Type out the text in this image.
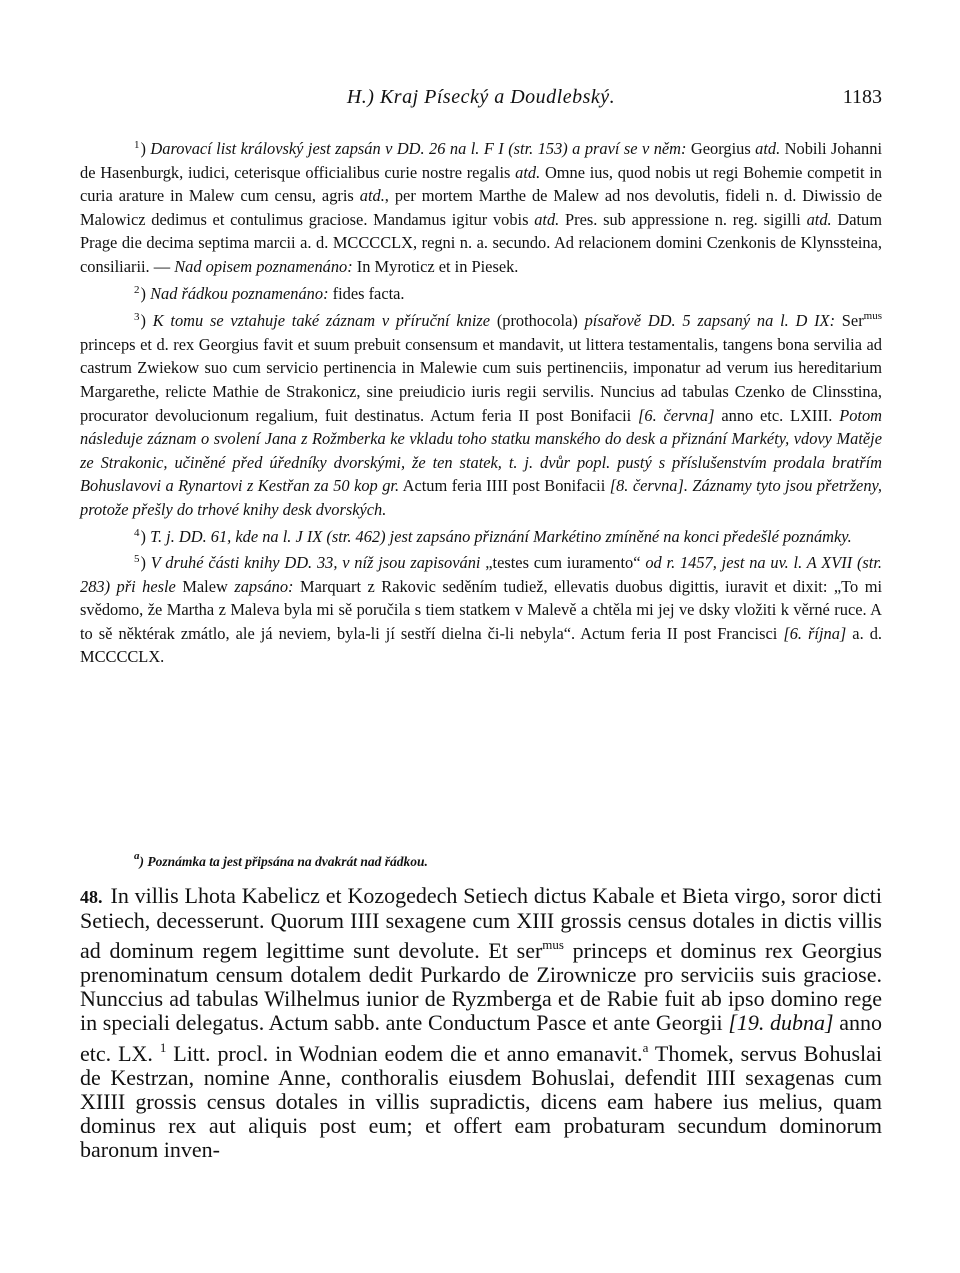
H.) Kraj Písecký a Doudlebský.	1183

$^1$) Darovací list královský jest zapsán v DD. 26 na l. F I (str. 153) a praví se v něm: Georgius atd. Nobili Johanni de Hasenburgk, iudici, ceterisque officialibus curie nostre regalis atd. Omne ius, quod nobis ut regi Bohemie competit in curia arature in Malew cum censu, agris atd., per mortem Marthe de Malew ad nos devolutis, fideli n. d. Diwissio de Malowicz dedimus et contulimus graciose. Mandamus igitur vobis atd. Pres. sub appressione n. reg. sigilli atd. Datum Prage die decima septima marcii a. d. MCCCCLX, regni n. a. secundo. Ad relacionem domini Czenkonis de Klynssteina, consiliarii. — Nad opisem poznamenáno: In Myroticz et in Piesek.

$^2$) Nad řádkou poznamenáno: fides facta.

$^3$) K tomu se vztahuje také záznam v příruční knize (prothocola) písařově DD. 5 zapsaný na l. D IX: Ser$^{mus}$ princeps et d. rex Georgius favit et suum prebuit consensum et mandavit, ut littera testamentalis, tangens bona servilia ad castrum Zwiekow suo cum servicio pertinencia in Malewie cum suis pertinenciis, imponatur ad verum ius hereditarium Margarethe, relicte Mathie de Strakonicz, sine preiudicio iuris regii servilis. Nuncius ad tabulas Czenko de Clinsstina, procurator devolucionum regalium, fuit destinatus. Actum feria II post Bonifacii [6. června] anno etc. LXIII. Potom následuje záznam o svolení Jana z Rožmberka ke vkladu toho statku manského do desk a přiznání Markéty, vdovy Matěje ze Strakonic, učiněné před úředníky dvorskými, že ten statek, t. j. dvůr popl. pustý s příslušenstvím prodala bratřím Bohuslavovi a Rynartovi z Kestřan za 50 kop gr. Actum feria IIII post Bonifacii [8. června]. Záznamy tyto jsou přetrženy, protože přešly do trhové knihy desk dvorských.

$^4$) T. j. DD. 61, kde na l. J IX (str. 462) jest zapsáno přiznání Markétino zmíněné na konci předešlé poznámky.

$^5$) V druhé části knihy DD. 33, v níž jsou zapisováni „testes cum iuramento“ od r. 1457, jest na uv. l. A XVII (str. 283) při hesle Malew zapsáno: Marquart z Rakovic seděním tudiež, ellevatis duobus digittis, iuravit et dixit: „To mi svědomo, že Martha z Maleva byla mi sě poručila s tiem statkem v Malevě a chtěla mi jej ve dsky vložiti k věrné ruce. A to sě něktérak zmátlo, ale já neviem, byla-li jí sestří dielna či-li nebyla“. Actum feria II post Francisci [6. října] a. d. MCCCCLX.

$^a$) Poznámka ta jest připsána na dvakrát nad řádkou.

48. In villis Lhota Kabelicz et Kozogedech Setiech dictus Kabale et Bieta virgo, soror dicti Setiech, decesserunt. Quorum IIII sexagene cum XIII grossis census dotales in dictis villis ad dominum regem legittime sunt devolute. Et ser$^{mus}$ princeps et dominus rex Georgius prenominatum censum dotalem dedit Purkardo de Zirownicze pro serviciis suis graciose. Nunccius ad tabulas Wilhelmus iunior de Ryzmberga et de Rabie fuit ab ipso domino rege in speciali delegatus. Actum sabb. ante Conductum Pasce et ante Georgii [19. dubna] anno etc. LX. $^1$ Litt. procl. in Wodnian eodem die et anno emanavit.$^a$ Thomek, servus Bohuslai de Kestrzan, nomine Anne, conthoralis eiusdem Bohuslai, defendit IIII sexagenas cum XIIII grossis census dotales in villis supradictis, dicens eam habere ius melius, quam dominus rex aut aliquis post eum; et offert eam probaturam secundum dominorum baronum inven-
